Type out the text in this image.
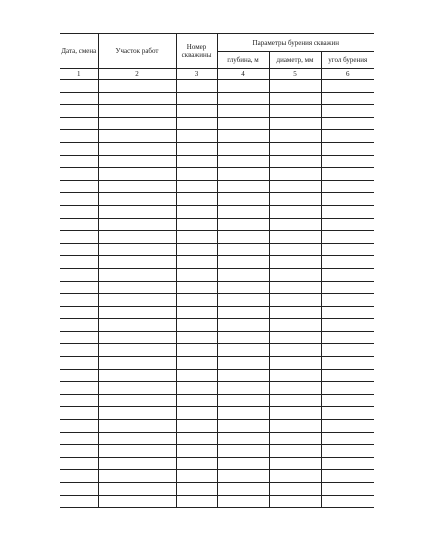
Дата, смена	Участок работ	Номер скважины	Параметры бурения скважин		
			глубина, м	диаметр, мм	угол бурения
1	2	3	4	5	6
